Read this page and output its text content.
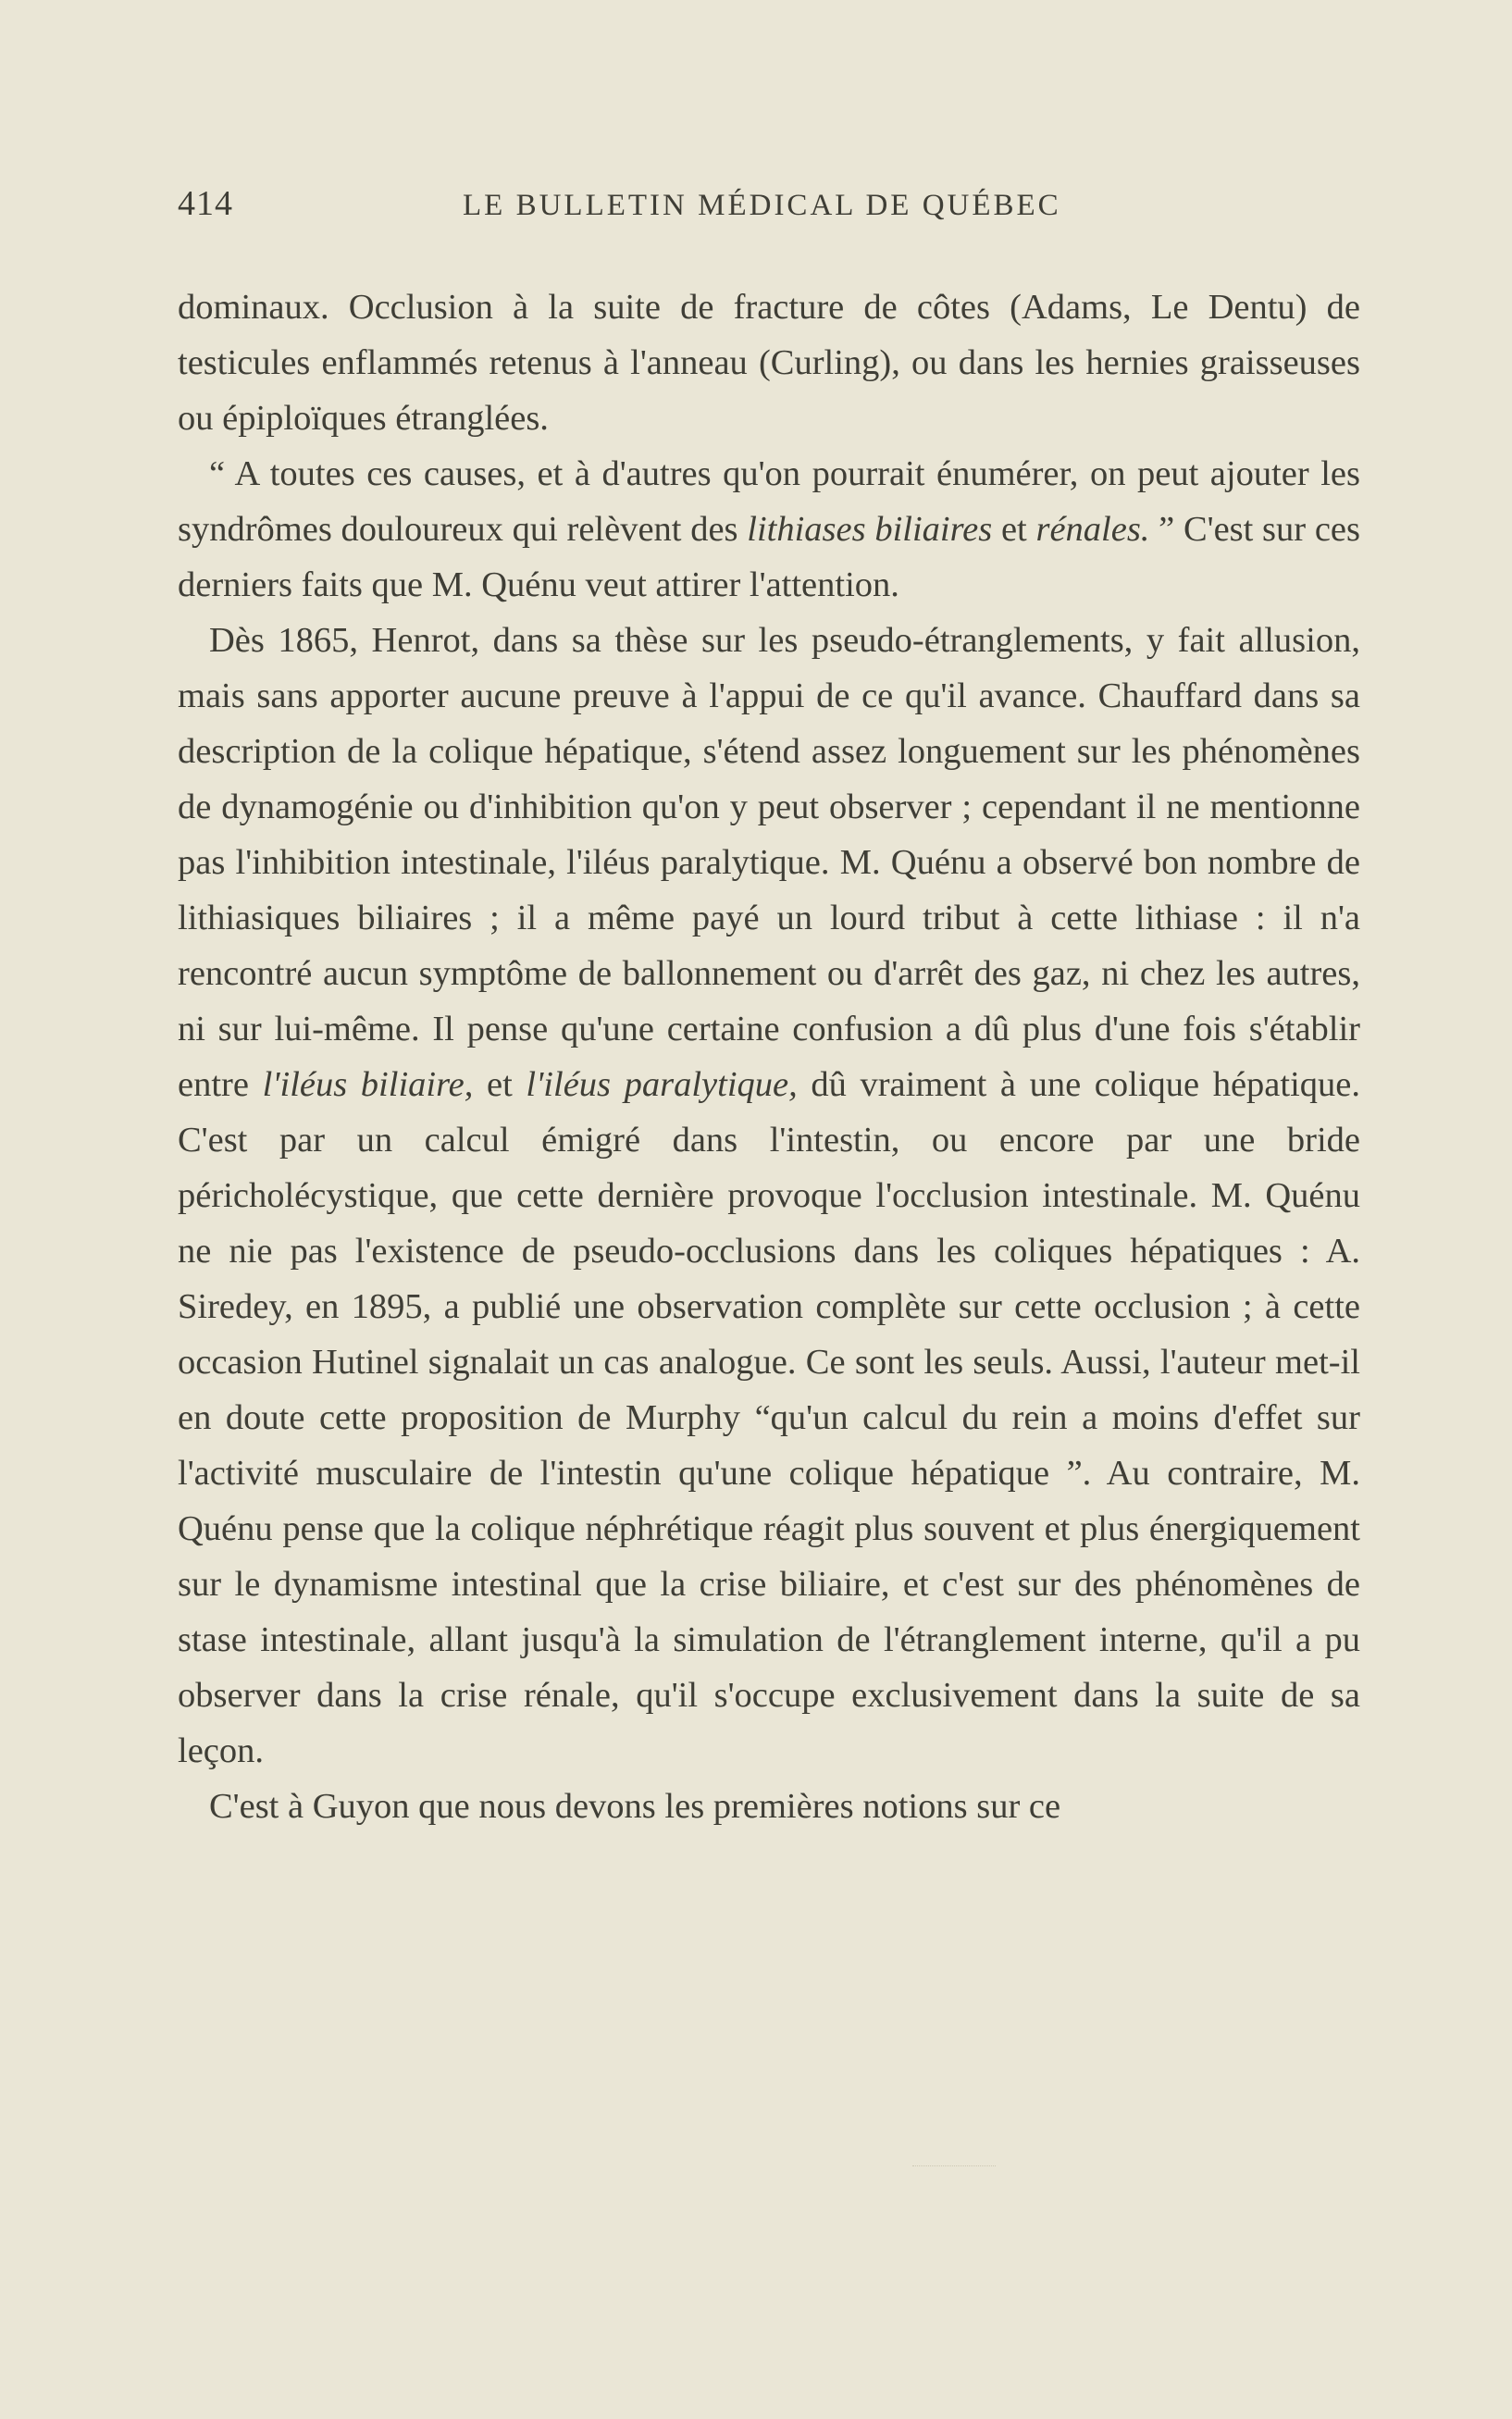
414	LE BULLETIN MÉDICAL DE QUÉBEC

dominaux. Occlusion à la suite de fracture de côtes (Adams, Le Dentu) de testicules enflammés retenus à l'anneau (Curling), ou dans les hernies graisseuses ou épiploïques étranglées.

“ A toutes ces causes, et à d'autres qu'on pourrait énumérer, on peut ajouter les syndrômes douloureux qui relèvent des lithiases biliaires et rénales. ” C'est sur ces derniers faits que M. Quénu veut attirer l'attention.

Dès 1865, Henrot, dans sa thèse sur les pseudo-étranglements, y fait allusion, mais sans apporter aucune preuve à l'appui de ce qu'il avance. Chauffard dans sa description de la colique hépatique, s'étend assez longuement sur les phénomènes de dynamogénie ou d'inhibition qu'on y peut observer ; cependant il ne mentionne pas l'inhibition intestinale, l'iléus paralytique. M. Quénu a observé bon nombre de lithiasiques biliaires ; il a même payé un lourd tribut à cette lithiase : il n'a rencontré aucun symptôme de ballonnement ou d'arrêt des gaz, ni chez les autres, ni sur lui-même. Il pense qu'une certaine confusion a dû plus d'une fois s'établir entre l'iléus biliaire, et l'iléus paralytique, dû vraiment à une colique hépatique. C'est par un calcul émigré dans l'intestin, ou encore par une bride péricholécystique, que cette dernière provoque l'occlusion intestinale. M. Quénu ne nie pas l'existence de pseudo-occlusions dans les coliques hépatiques : A. Siredey, en 1895, a publié une observation complète sur cette occlusion ; à cette occasion Hutinel signalait un cas analogue. Ce sont les seuls. Aussi, l'auteur met-il en doute cette proposition de Murphy “qu'un calcul du rein a moins d'effet sur l'activité musculaire de l'intestin qu'une colique hépatique ”. Au contraire, M. Quénu pense que la colique néphrétique réagit plus souvent et plus énergiquement sur le dynamisme intestinal que la crise biliaire, et c'est sur des phénomènes de stase intestinale, allant jusqu'à la simulation de l'étranglement interne, qu'il a pu observer dans la crise rénale, qu'il s'occupe exclusivement dans la suite de sa leçon.

C'est à Guyon que nous devons les premières notions sur ce
